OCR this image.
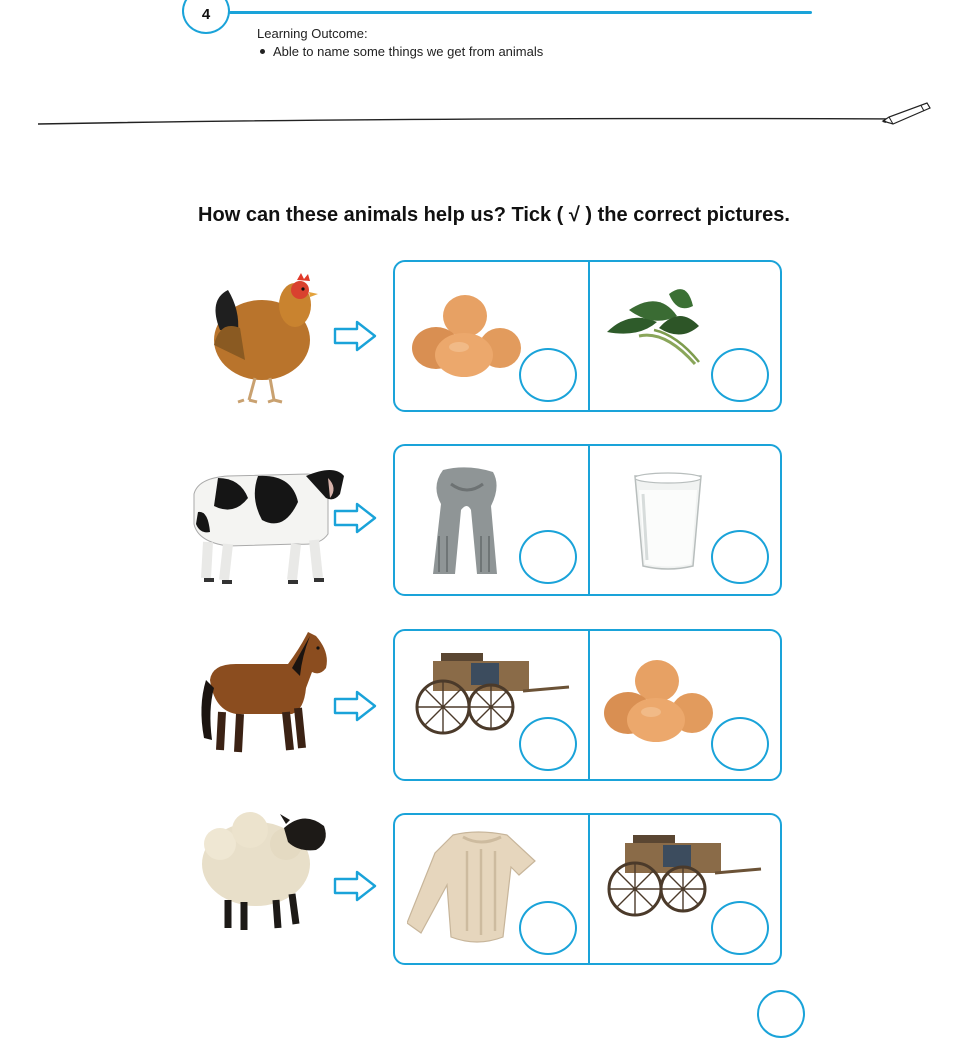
4
Learning Outcome:
Able to name some things we get from animals
How can these animals help us? Tick ( √ ) the correct pictures.
